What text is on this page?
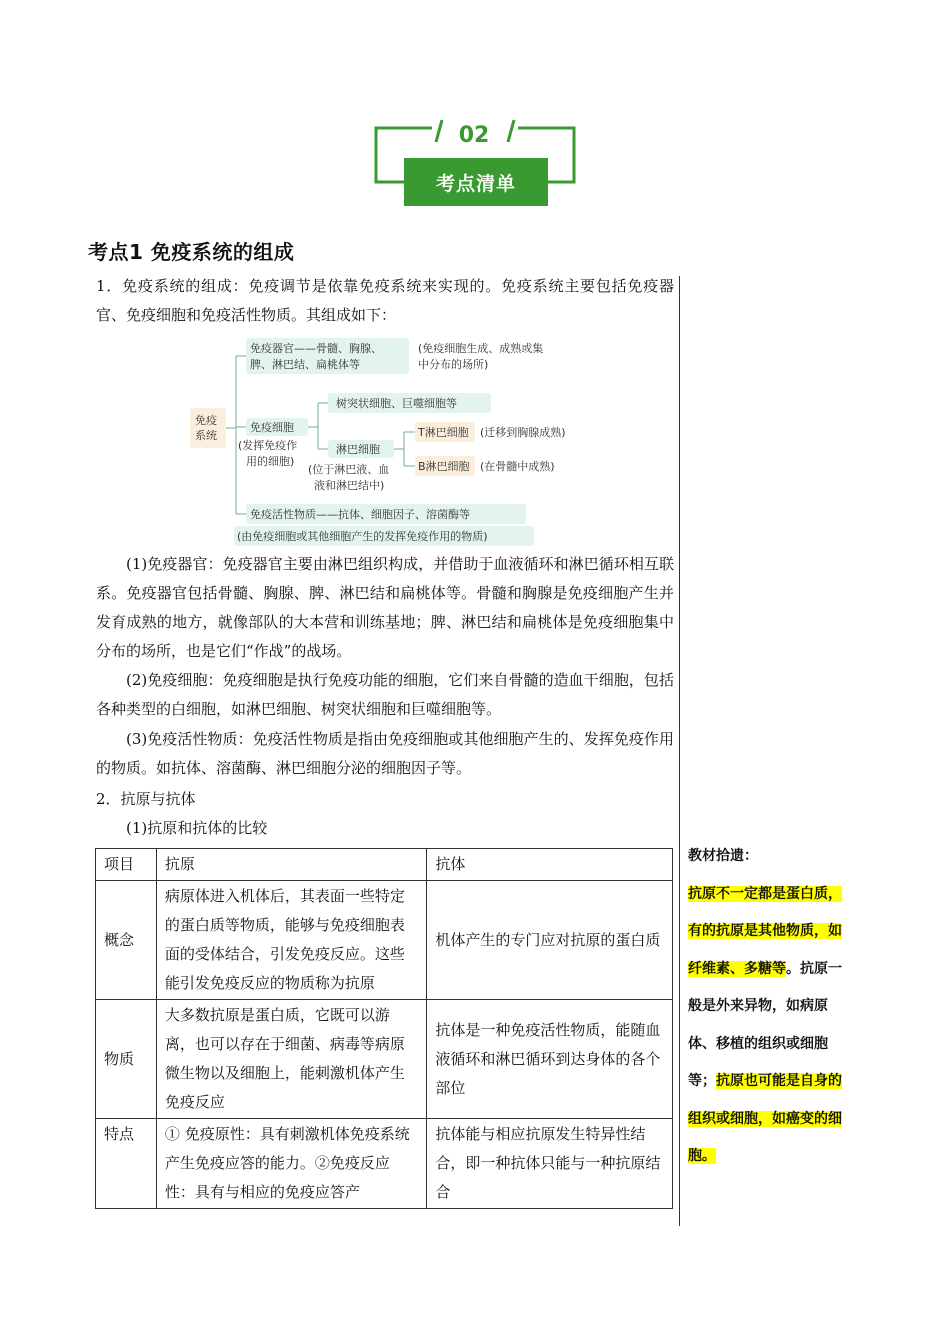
02
考点清单
考点1 免疫系统的组成
1．免疫系统的组成：免疫调节是依靠免疫系统来实现的。免疫系统主要包括免疫器官、免疫细胞和免疫活性物质。其组成如下：
免疫
系统
免疫器官——骨髓、胸腺、
脾、淋巴结、扁桃体等
(免疫细胞生成、成熟或集
中分布的场所)
免疫细胞
(发挥免疫作
用的细胞)
树突状细胞、巨噬细胞等
淋巴细胞
(位于淋巴液、血
液和淋巴结中)
T淋巴细胞 (迁移到胸腺成熟)
B淋巴细胞 (在骨髓中成熟)
免疫活性物质——抗体、细胞因子、溶菌酶等
(由免疫细胞或其他细胞产生的发挥免疫作用的物质)
(1)免疫器官：免疫器官主要由淋巴组织构成，并借助于血液循环和淋巴循环相互联系。免疫器官包括骨髓、胸腺、脾、淋巴结和扁桃体等。骨髓和胸腺是免疫细胞产生并发育成熟的地方，就像部队的大本营和训练基地；脾、淋巴结和扁桃体是免疫细胞集中分布的场所，也是它们“作战”的战场。
(2)免疫细胞：免疫细胞是执行免疫功能的细胞，它们来自骨髓的造血干细胞，包括各种类型的白细胞，如淋巴细胞、树突状细胞和巨噬细胞等。
(3)免疫活性物质：免疫活性物质是指由免疫细胞或其他细胞产生的、发挥免疫作用的物质。如抗体、溶菌酶、淋巴细胞分泌的细胞因子等。
2．抗原与抗体
(1)抗原和抗体的比较
项目	抗原	抗体
概念	病原体进入机体后，其表面一些特定的蛋白质等物质，能够与免疫细胞表面的受体结合，引发免疫反应。这些能引发免疫反应的物质称为抗原	机体产生的专门应对抗原的蛋白质
物质	大多数抗原是蛋白质，它既可以游离，也可以存在于细菌、病毒等病原微生物以及细胞上，能刺激机体产生免疫反应	抗体是一种免疫活性物质，能随血液循环和淋巴循环到达身体的各个部位
特点	① 免疫原性：具有刺激机体免疫系统产生免疫应答的能力。②免疫反应性：具有与相应的免疫应答产	抗体能与相应抗原发生特异性结合，即一种抗体只能与一种抗原结合
教材拾遗：
抗原不一定都是蛋白质，有的抗原是其他物质，如纤维素、多糖等。抗原一般是外来异物，如病原体、移植的组织或细胞等；抗原也可能是自身的组织或细胞，如癌变的细胞。
